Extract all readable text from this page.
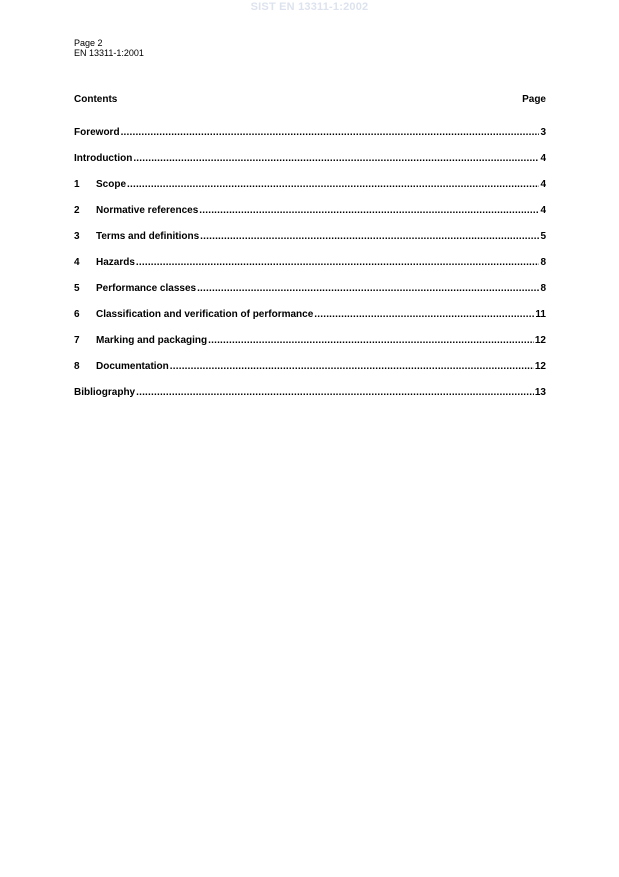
SIST EN 13311-1:2002
Page 2
EN 13311-1:2001
Contents	Page
Foreword .....	3
Introduction .....	4
1	Scope .....	4
2	Normative references .....	4
3	Terms and definitions .....	5
4	Hazards .....	8
5	Performance classes .....	8
6	Classification and verification of performance .....	11
7	Marking and packaging .....	12
8	Documentation .....	12
Bibliography .....	13
